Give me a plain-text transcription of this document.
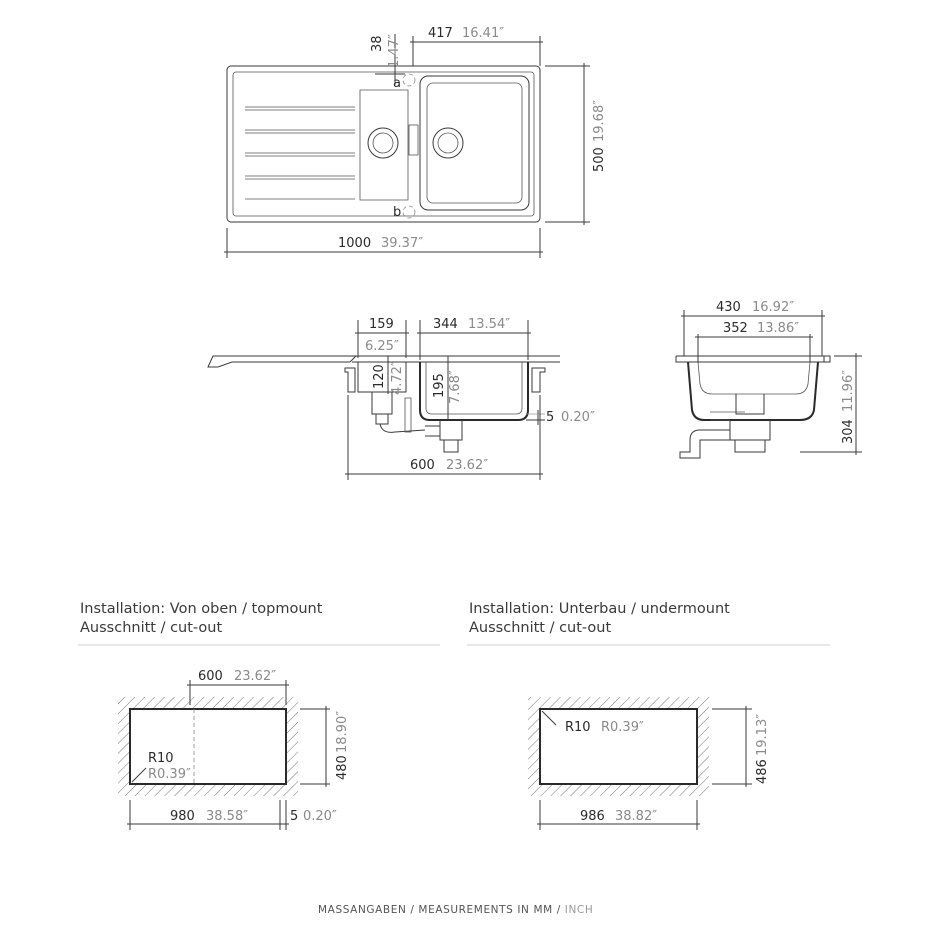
a
b
1000 39.37″
417 16.41″
38 1.47″
500
19.68″
159
6.25″
344 13.54″
120 4.72″ 195 7.68″
5 0.20″
600 23.62″
430 16.92″
352 13.86″
304
11.96″
Installation: Von oben / topmount
Ausschnitt / cut-out
600 23.62″
480
18.90″
R10
R0.39″
980 38.58″	5 0.20″
Installation: Unterbau / undermount
Ausschnitt / cut-out
R10 R0.39″
486
19.13″
986 38.82″
MASSANGABEN / MEASUREMENTS IN MM / INCH
